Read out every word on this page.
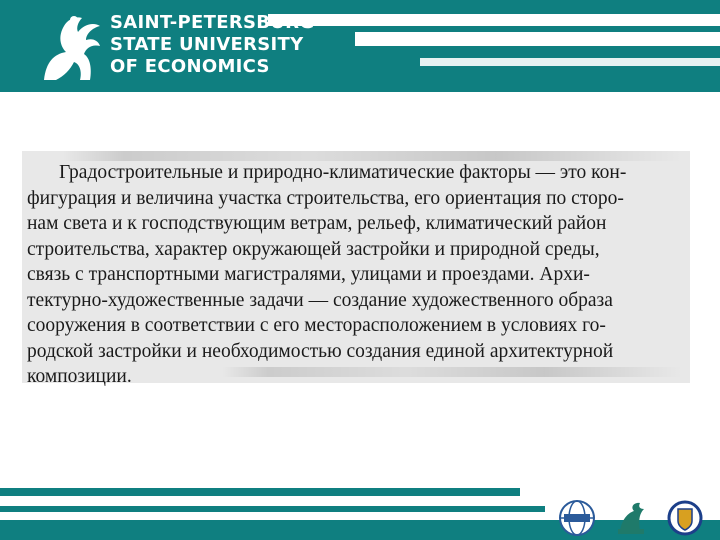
SAINT-PETERSBURG
STATE UNIVERSITY
OF ECONOMICS
Градостроительные и природно-климатические факторы — это кон-
фигурация и величина участка строительства, его ориентация по сторо-
нам света и к господствующим ветрам, рельеф, климатический район
строительства, характер окружающей застройки и природной среды,
связь с транспортными магистралями, улицами и проездами. Архи-
тектурно-художественные задачи — создание художественного образа
сооружения в соответствии с его месторасположением в условиях го-
родской застройки и необходимостью создания единой архитектурной
композиции.
